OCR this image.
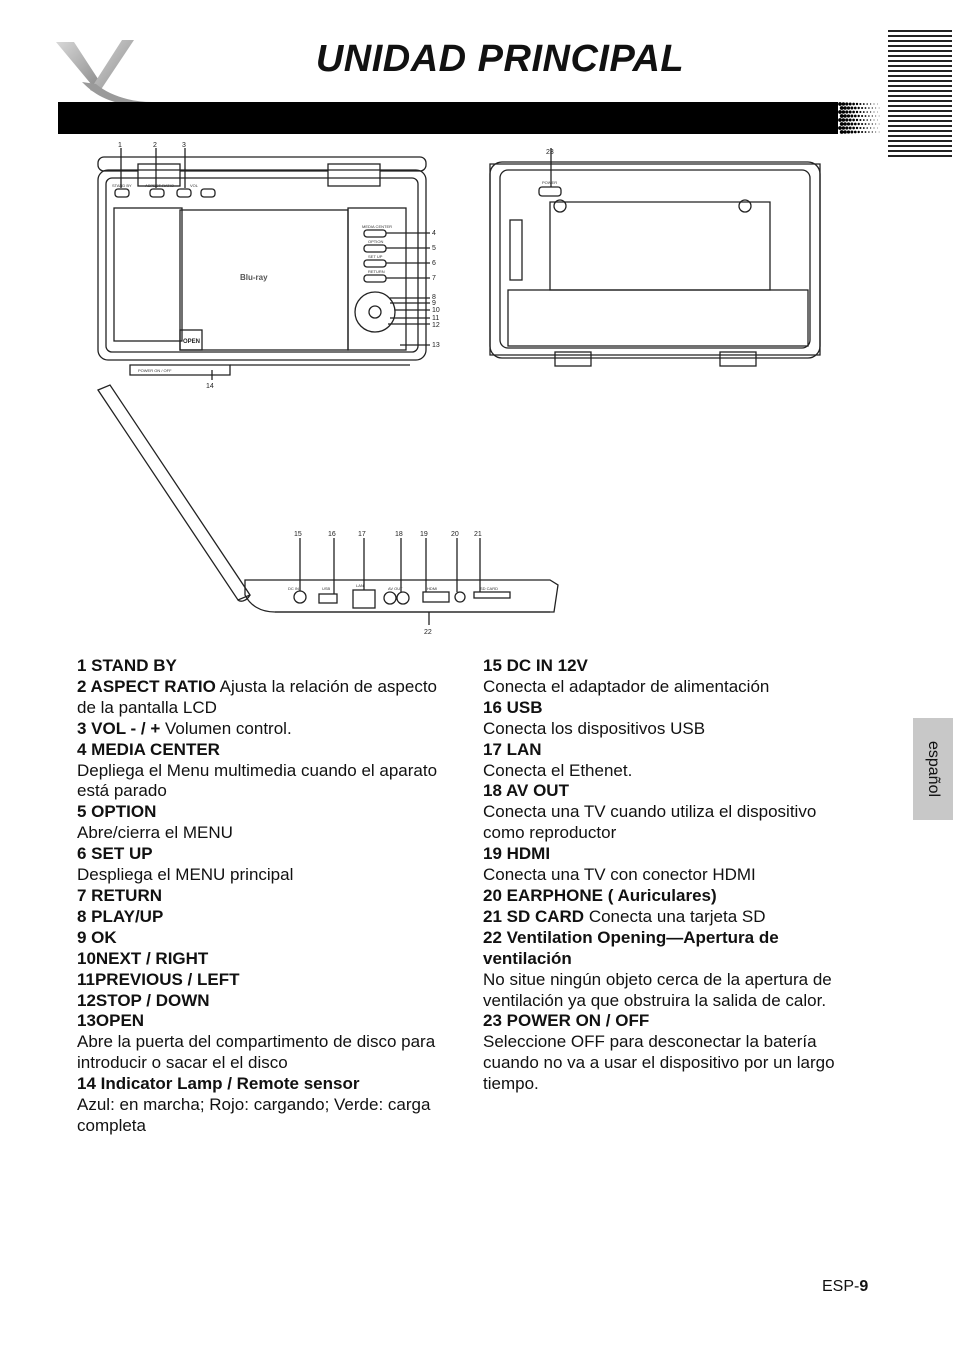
UNIDAD PRINCIPAL
español
Blu-ray
STAND BY	ASPECT RATIO	VOL
MEDIA CENTER
OPTION
SET UP
RETURN
OPEN
POWER ON / OFF
POWER
DC IN	USB
LAN
AV OUT	HDMI	SD CARD
1	2	3
4
5
6
7
8
9
10
11
12
13
14
23
15	16	17	18 19	20 21
22

1 STAND BY

2 ASPECT RATIO Ajusta la relación de aspecto de la pantalla LCD

3 VOL - / + Volumen control.

4 MEDIA CENTER
Depliega el Menu multimedia cuando el aparato está parado

5 OPTION
Abre/cierra el MENU

6 SET UP
Despliega el MENU principal

7 RETURN

8 PLAY/UP

9 OK

10NEXT / RIGHT

11PREVIOUS / LEFT

12STOP / DOWN

13OPEN
Abre la puerta del compartimento de disco para introducir o sacar el el disco

14 Indicator Lamp / Remote sensor
Azul: en marcha; Rojo: cargando; Verde: carga completa

15 DC IN 12V
Conecta el adaptador de alimentación

16 USB
Conecta los dispositivos USB

17 LAN
Conecta el Ethenet.

18 AV OUT
Conecta una TV cuando utiliza el dispositivo como reproductor

19 HDMI
Conecta una TV con conector HDMI

20 EARPHONE ( Auriculares)

21 SD CARD Conecta una tarjeta SD

22 Ventilation Opening—Apertura de ventilación
No situe ningún objeto cerca de la apertura de ventilación ya que obstruira la salida de calor.

23 POWER ON / OFF
Seleccione OFF para desconectar la batería cuando no va a usar el dispositivo por un largo tiempo.

ESP-9
